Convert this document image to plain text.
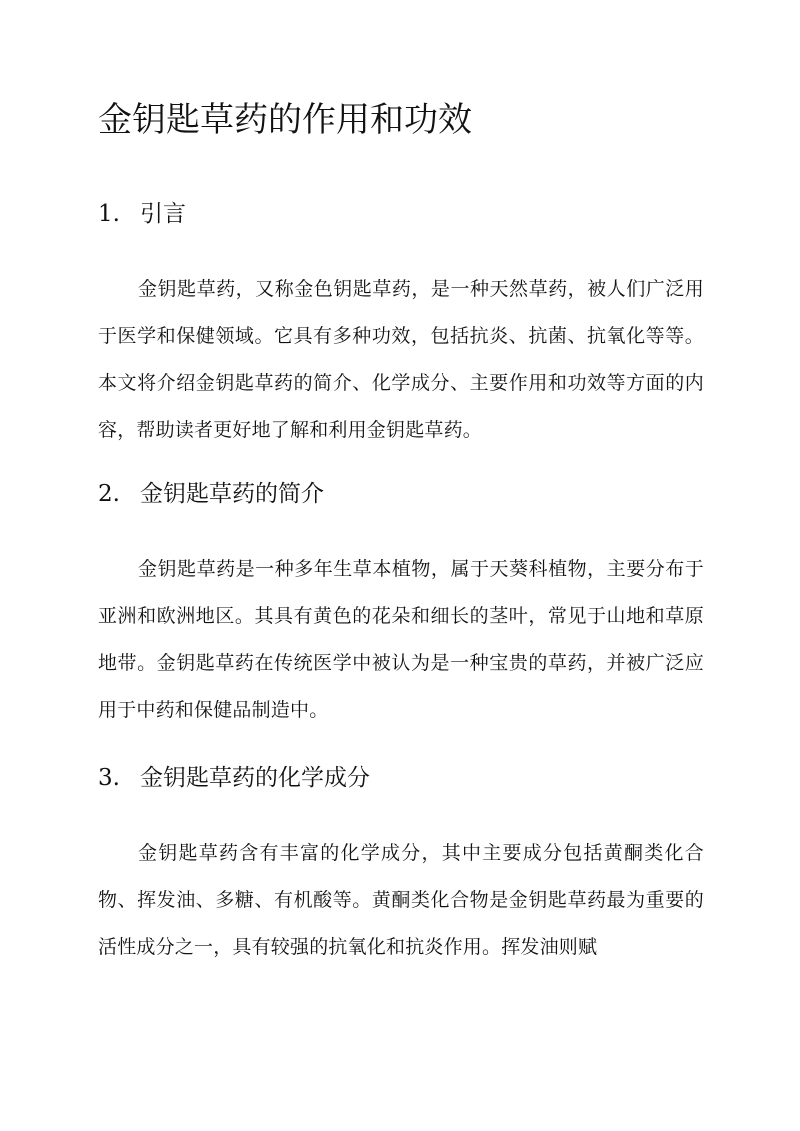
金钥匙草药的作用和功效
1. 引言

金钥匙草药，又称金色钥匙草药，是一种天然草药，被人们广泛用于医学和保健领域。它具有多种功效，包括抗炎、抗菌、抗氧化等等。本文将介绍金钥匙草药的简介、化学成分、主要作用和功效等方面的内容，帮助读者更好地了解和利用金钥匙草药。

2. 金钥匙草药的简介

金钥匙草药是一种多年生草本植物，属于天葵科植物，主要分布于亚洲和欧洲地区。其具有黄色的花朵和细长的茎叶，常见于山地和草原地带。金钥匙草药在传统医学中被认为是一种宝贵的草药，并被广泛应用于中药和保健品制造中。

3. 金钥匙草药的化学成分

金钥匙草药含有丰富的化学成分，其中主要成分包括黄酮类化合物、挥发油、多糖、有机酸等。黄酮类化合物是金钥匙草药最为重要的活性成分之一，具有较强的抗氧化和抗炎作用。挥发油则赋
